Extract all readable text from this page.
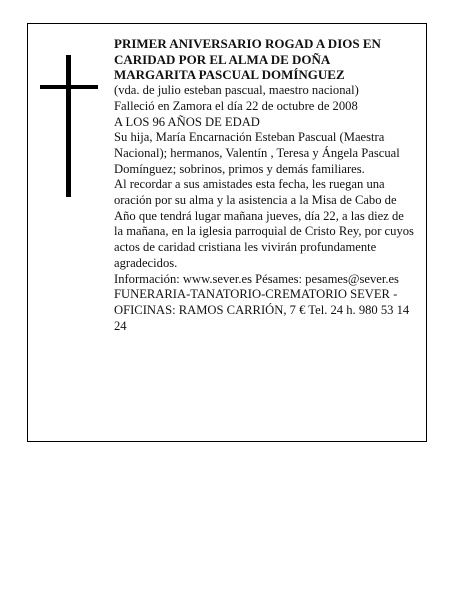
PRIMER ANIVERSARIO ROGAD A DIOS EN

CARIDAD POR EL ALMA DE DOÑA

MARGARITA PASCUAL DOMÍNGUEZ

(vda. de julio esteban pascual, maestro nacional)

Falleció en Zamora el día 22 de octubre de 2008

A LOS 96 AÑOS DE EDAD

Su hija, María Encarnación Esteban Pascual (Maestra Nacional); hermanos, Valentín , Teresa y Ángela Pascual Domínguez; sobrinos, primos y demás familiares.

Al recordar a sus amistades esta fecha, les ruegan una oración por su alma y la asistencia a la Misa de Cabo de Año que tendrá lugar mañana jueves, día 22, a las diez de la mañana, en la iglesia parroquial de Cristo Rey, por cuyos actos de caridad cristiana les vivirán profundamente agradecidos.

Información: www.sever.es Pésames: pesames@sever.es

FUNERARIA-TANATORIO-CREMATORIO SEVER - OFICINAS: RAMOS CARRIÓN, 7 € Tel. 24 h. 980 53 14 24
